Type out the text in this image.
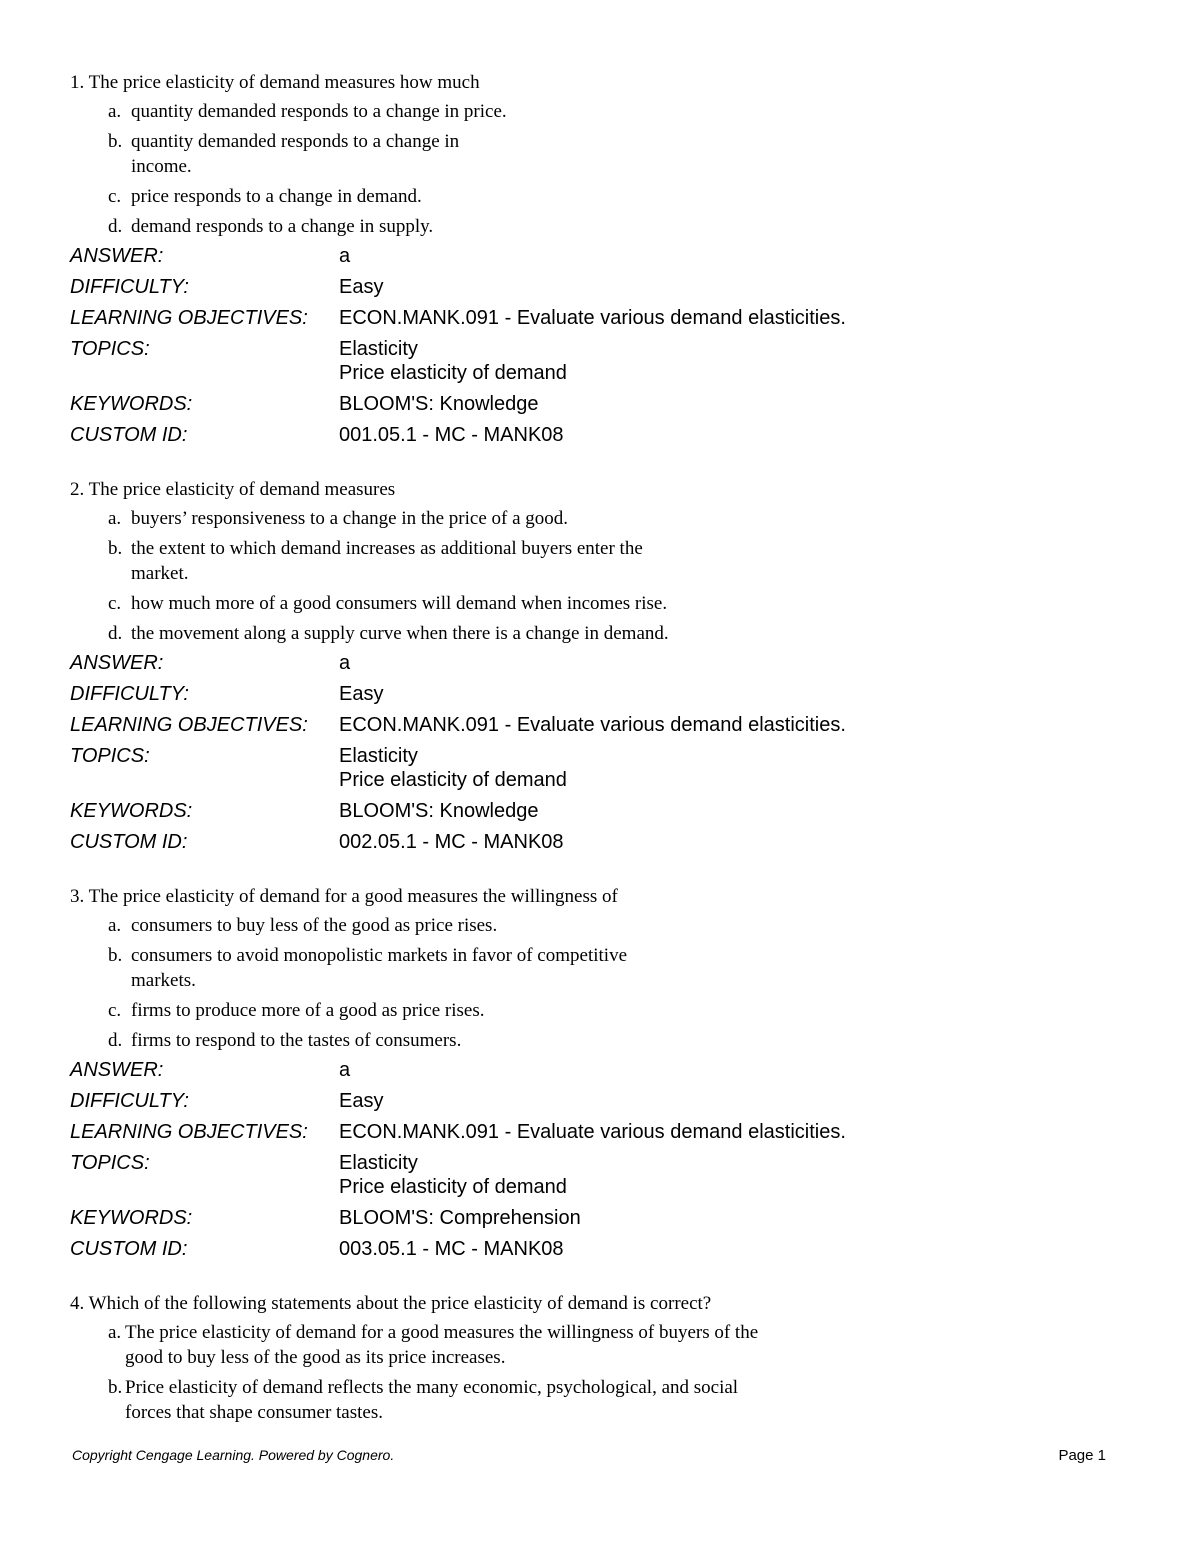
1. The price elasticity of demand measures how much
a. quantity demanded responds to a change in price.
b. quantity demanded responds to a change in
income.
c. price responds to a change in demand.
d. demand responds to a change in supply.
ANSWER:	a
DIFFICULTY:	Easy
LEARNING OBJECTIVES:	ECON.MANK.091 - Evaluate various demand elasticities.
TOPICS:	Elasticity
Price elasticity of demand
KEYWORDS:	BLOOM'S: Knowledge
CUSTOM ID:	001.05.1 - MC - MANK08
2. The price elasticity of demand measures
a. buyers’ responsiveness to a change in the price of a good.
b. the extent to which demand increases as additional buyers enter the
market.
c. how much more of a good consumers will demand when incomes rise.
d. the movement along a supply curve when there is a change in demand.
ANSWER:	a
DIFFICULTY:	Easy
LEARNING OBJECTIVES:	ECON.MANK.091 - Evaluate various demand elasticities.
TOPICS:	Elasticity
Price elasticity of demand
KEYWORDS:	BLOOM'S: Knowledge
CUSTOM ID:	002.05.1 - MC - MANK08
3. The price elasticity of demand for a good measures the willingness of
a. consumers to buy less of the good as price rises.
b. consumers to avoid monopolistic markets in favor of competitive
markets.
c. firms to produce more of a good as price rises.
d. firms to respond to the tastes of consumers.
ANSWER:	a
DIFFICULTY:	Easy
LEARNING OBJECTIVES:	ECON.MANK.091 - Evaluate various demand elasticities.
TOPICS:	Elasticity
Price elasticity of demand
KEYWORDS:	BLOOM'S: Comprehension
CUSTOM ID:	003.05.1 - MC - MANK08
4. Which of the following statements about the price elasticity of demand is correct?
a. The price elasticity of demand for a good measures the willingness of buyers of the
good to buy less of the good as its price increases.
b. Price elasticity of demand reflects the many economic, psychological, and social
forces that shape consumer tastes.
Copyright Cengage Learning. Powered by Cognero.	Page 1
